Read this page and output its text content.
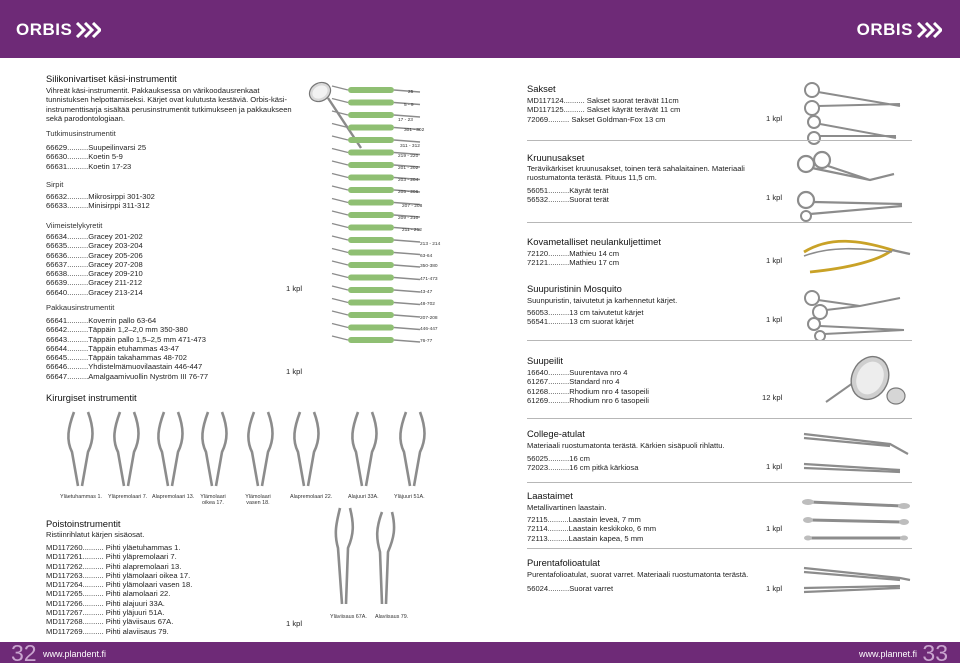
ORBIS	ORBIS
32	33
www.plandent.fi	www.plannet.fi
Silikonivartiset käsi-instrumentit
Vihreät käsi-instrumentit. Pakkauksessa on värikoodausrenkaat
tunnistuksen helpottamiseksi. Kärjet ovat kulutusta kestäviä. Orbis-käsi-
instrumenttisarja sisältää perusinstrumentit tutkimukseen ja pakkaukseen
sekä parodontologiaan.
Tutkimusinstrumentit
66629..........Suupeilinvarsi 25
66630..........Koetin 5-9
66631..........Koetin 17-23
Sirpit
66632..........Mikrosirppi 301-302
66633..........Minisirppi 311-312
Viimeistelykyretit
66634..........Gracey 201-202
66635..........Gracey 203-204
66636..........Gracey 205-206
66637..........Gracey 207-208
66638..........Gracey 209-210
66639..........Gracey 211-212
66640..........Gracey 213-214	1 kpl
Pakkausinstrumentit
66641..........Koverrin pallo 63-64
66642..........Täppäin 1,2–2,0 mm 350-380
66643..........Täppäin pallo 1,5–2,5 mm 471-473
66644..........Täppäin etuhammas 43-47
66645..........Täppäin takahammas 48-702
66646..........Yhdistelmämuovilaastain 446-447
66647..........Amalgaamivuollin Nyström III 76-77
1 kpl
25
5 - 9
17 - 23
301 - 302
311 - 312
219 - 220
201 - 202
203 - 204
205 - 206
207 - 208
209 - 210
211 - 212
213 - 214
63-64
350-380
471-473
43-47
48-702
207-208
446-447
76-77
Kirurgiset instrumentit
Yläetuhammas 1. Yläpremolaari 7. Alapremolaari 13.	Ylämolaari oikea 17.
Ylämolaari vasen 18.
Alapremolaari 22.	Alajuuri 33A.	Yläjuuri 51A.
Poistoinstrumentit
Ristiinrihlatut kärjen sisäosat.
MD117260.......... Pihti yläetuhammas 1.
MD117261.......... Pihti yläpremolaari 7.
MD117262.......... Pihti alapremolaari 13.
MD117263.......... Pihti ylämolaari oikea 17.
MD117264.......... Pihti ylämolaari vasen 18.
MD117265.......... Pihti alamolaari 22.
MD117266.......... Pihti alajuuri 33A.
MD117267.......... Pihti yläjuuri 51A.
MD117268.......... Pihti yläviisaus 67A.
MD117269.......... Pihti alaviisaus 79.
1 kpl
Yläviisaus 67A. Alaviisaus 79.
Sakset
MD117124.......... Sakset suorat terävät 11cm
MD117125.......... Sakset käyrät terävät 11 cm
72069.......... Sakset Goldman-Fox 13 cm	1 kpl
Kruunusakset
Terävikärkiset kruunusakset, toinen terä sahalaitainen. Materiaali
ruostumatonta terästä. Pituus 11,5 cm.
56051..........Käyrät terät
56532..........Suorat terät	1 kpl
Kovametalliset neulankuljettimet
72120..........Mathieu 14 cm
72121..........Mathieu 17 cm	1 kpl
Suupuristinin Mosquito
Suunpuristin, taivutetut ja karhennetut kärjet.
56053..........13 cm taivutetut kärjet
56541..........13 cm suorat kärjet	1 kpl
Suupeilit
16640..........Suurentava nro 4
61267..........Standard nro 4
61268..........Rhodium nro 4 tasopeili
61269..........Rhodium nro 6 tasopeili	12 kpl
College-atulat
Materiaali ruostumatonta terästä. Kärkien sisäpuoli rihlattu.
56025..........16 cm
72023..........16 cm pitkä kärkiosa	1 kpl
Laastaimet
Metallivartinen laastain.
72115..........Laastain leveä, 7 mm
72114..........Laastain keskikoko, 6 mm
72113..........Laastain kapea, 5 mm
1 kpl
Purentafolioatulat
Purentafolioatulat, suorat varret. Materiaali ruostumatonta terästä.
56024..........Suorat varret	1 kpl
